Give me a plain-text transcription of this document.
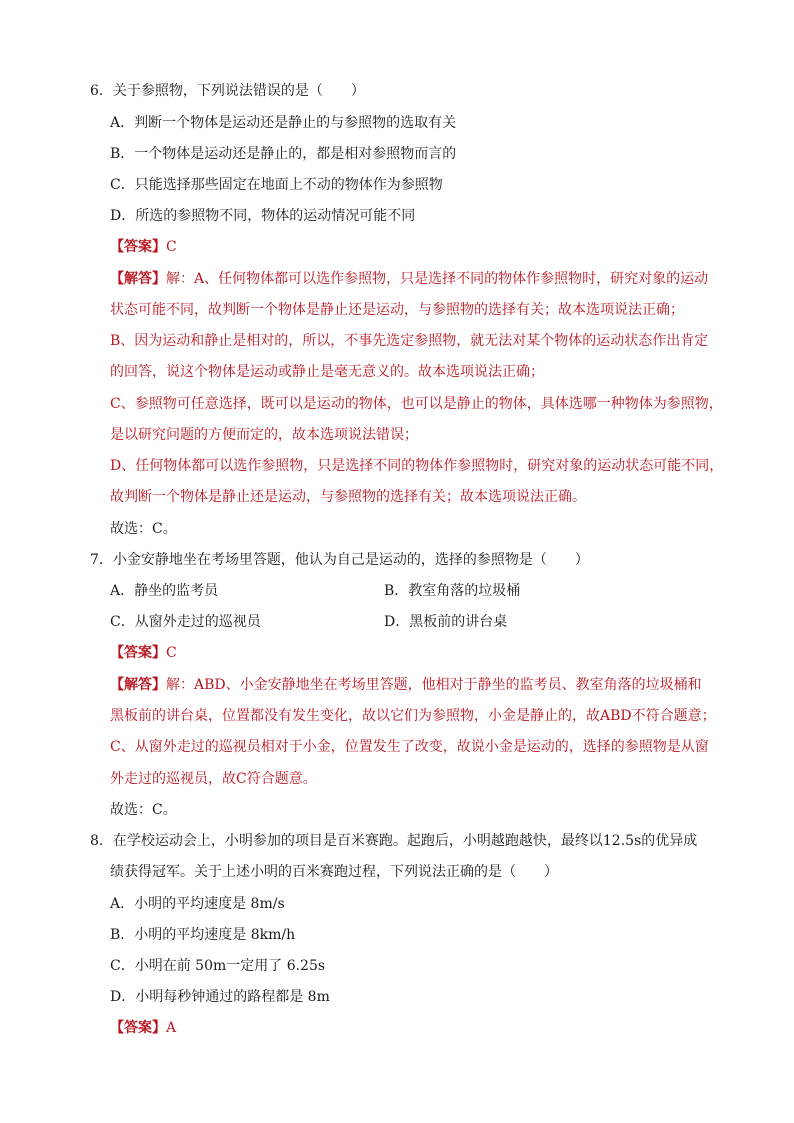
6．关于参照物，下列说法错误的是（　　）
A．判断一个物体是运动还是静止的与参照物的选取有关
B．一个物体是运动还是静止的，都是相对参照物而言的
C．只能选择那些固定在地面上不动的物体作为参照物
D．所选的参照物不同，物体的运动情况可能不同
【答案】C
【解答】解：A、任何物体都可以选作参照物，只是选择不同的物体作参照物时，研究对象的运动
状态可能不同，故判断一个物体是静止还是运动，与参照物的选择有关；故本选项说法正确；
B、因为运动和静止是相对的，所以，不事先选定参照物，就无法对某个物体的运动状态作出肯定
的回答，说这个物体是运动或静止是毫无意义的。故本选项说法正确；
C、参照物可任意选择，既可以是运动的物体，也可以是静止的物体，具体选哪一种物体为参照物，
是以研究问题的方便而定的，故本选项说法错误；
D、任何物体都可以选作参照物，只是选择不同的物体作参照物时，研究对象的运动状态可能不同，
故判断一个物体是静止还是运动，与参照物的选择有关；故本选项说法正确。
故选：C。
7．小金安静地坐在考场里答题，他认为自己是运动的，选择的参照物是（　　）
A．静坐的监考员	B．教室角落的垃圾桶
C．从窗外走过的巡视员	D．黑板前的讲台桌
【答案】C
【解答】解：ABD、小金安静地坐在考场里答题，他相对于静坐的监考员、教室角落的垃圾桶和
黑板前的讲台桌，位置都没有发生变化，故以它们为参照物，小金是静止的，故ABD不符合题意；
C、从窗外走过的巡视员相对于小金，位置发生了改变，故说小金是运动的，选择的参照物是从窗
外走过的巡视员，故C符合题意。
故选：C。
8．在学校运动会上，小明参加的项目是百米赛跑。起跑后，小明越跑越快，最终以12.5s的优异成
绩获得冠军。关于上述小明的百米赛跑过程，下列说法正确的是（　　）
A．小明的平均速度是 8m/s
B．小明的平均速度是 8km/h
C．小明在前 50m一定用了 6.25s
D．小明每秒钟通过的路程都是 8m
【答案】A
